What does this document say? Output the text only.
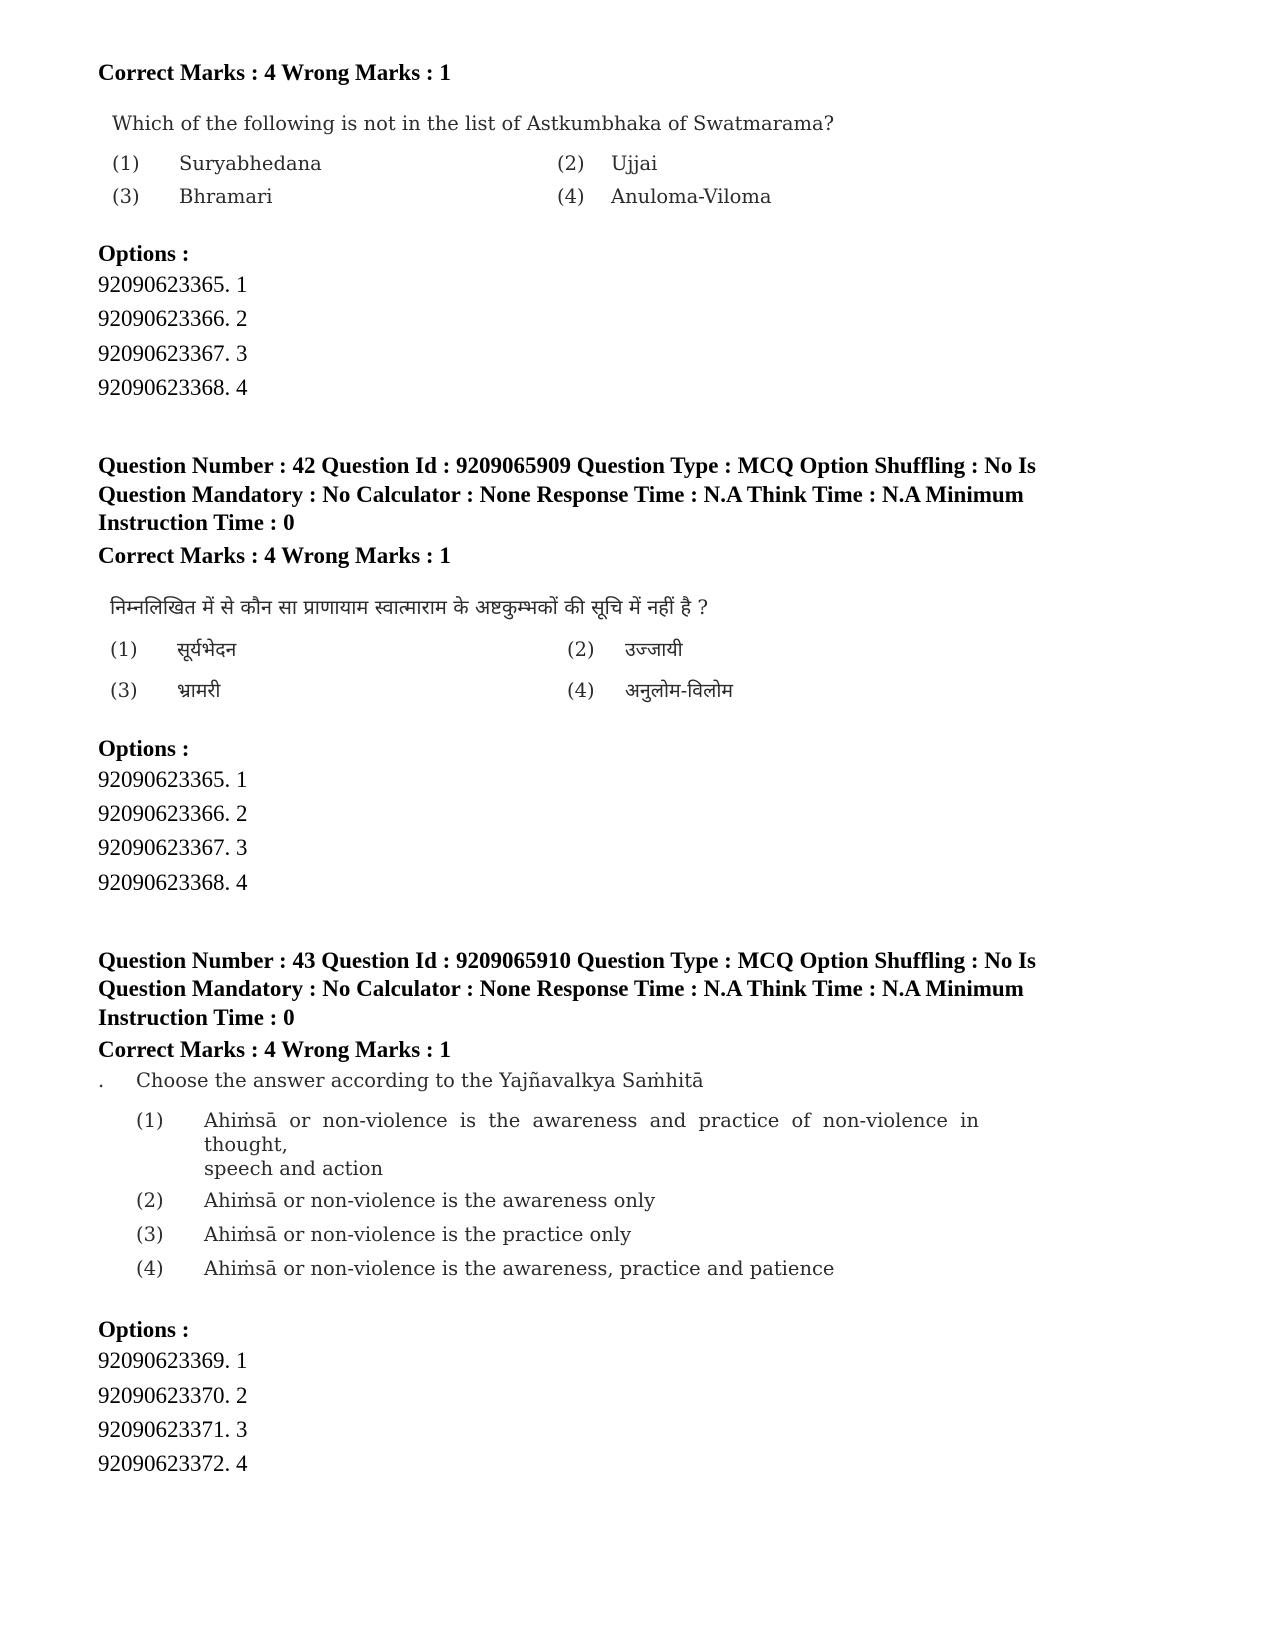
Correct Marks : 4 Wrong Marks : 1

Which of the following is not in the list of Astkumbhaka of Swatmarama?
(1)	Suryabhedana	(2)	Ujjai
(3)	Bhramari	(4)	Anuloma-Viloma

Options :

92090623365. 1

92090623366. 2

92090623367. 3

92090623368. 4

Question Number : 42 Question Id : 9209065909 Question Type : MCQ Option Shuffling : No Is

Question Mandatory : No Calculator : None Response Time : N.A Think Time : N.A Minimum

Instruction Time : 0

Correct Marks : 4 Wrong Marks : 1

निम्नलिखित में से कौन सा प्राणायाम स्वात्माराम के अष्टकुम्भकों की सूचि में नहीं है ?
(1)	सूर्यभेदन	(2)	उज्जायी
(3)	भ्रामरी	(4)	अनुलोम-विलोम

Options :

92090623365. 1

92090623366. 2

92090623367. 3

92090623368. 4

Question Number : 43 Question Id : 9209065910 Question Type : MCQ Option Shuffling : No Is

Question Mandatory : No Calculator : None Response Time : N.A Think Time : N.A Minimum

Instruction Time : 0

Correct Marks : 4 Wrong Marks : 1

.	Choose the answer according to the Yajñavalkya Saṁhitā
(1)	Ahiṁsā or non-violence is the awareness and practice of non-violence in thought,
speech and action
(2)	Ahiṁsā or non-violence is the awareness only
(3)	Ahiṁsā or non-violence is the practice only
(4)	Ahiṁsā or non-violence is the awareness, practice and patience

Options :

92090623369. 1

92090623370. 2

92090623371. 3

92090623372. 4
